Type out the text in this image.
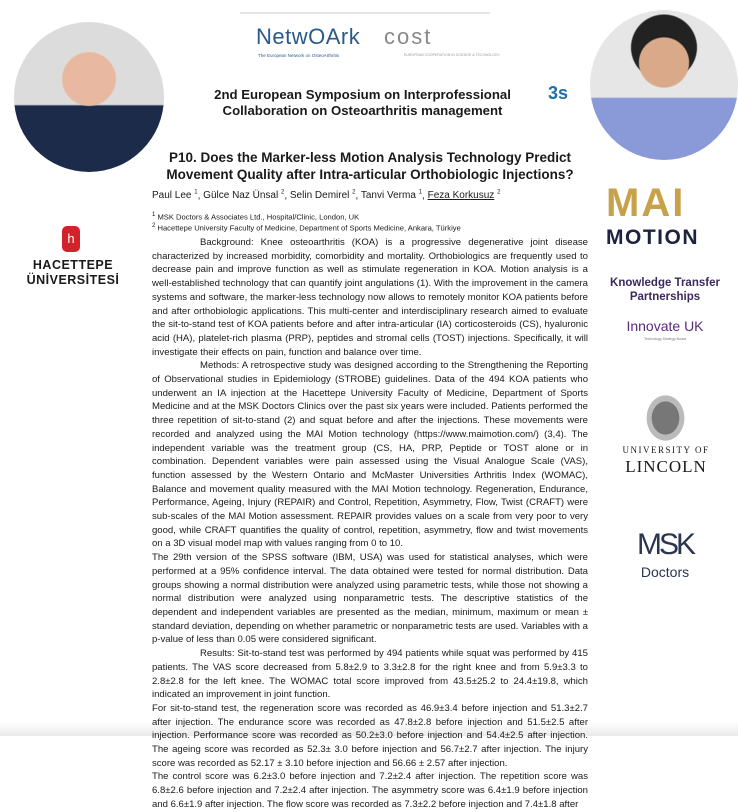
NetwOArk
The European Network on OsteoArthritis
cost
EUROPEAN COOPERATION IN SCIENCE & TECHNOLOGY
2nd European Symposium on Interprofessional
Collaboration on Osteoarthritis management
3s
P10. Does the Marker-less Motion Analysis Technology Predict
Movement Quality after Intra-articular Orthobiologic Injections?
Paul Lee $^1$, Gülce Naz Ünsal $^2$, Selin Demirel $^2$, Tanvi Verma $^1$, Feza Korkusuz $^2$
$^1$ MSK Doctors & Associates Ltd., Hospital/Clinic, London, UK
$^2$ Hacettepe University Faculty of Medicine, Department of Sports Medicine, Ankara, Türkiye

Background: Knee osteoarthritis (KOA) is a progressive degenerative joint disease characterized by increased morbidity, comorbidity and mortality. Orthobiologics are frequently used to decrease pain and improve function as well as stimulate regeneration in KOA. Motion analysis is a well-established technology that can quantify joint angulations (1). With the improvement in the camera systems and software, the marker-less technology now allows to remotely monitor KOA patients before and after orthobiologic applications. This multi-center and interdisciplinary research aimed to evaluate the sit-to-stand test of KOA patients before and after intra-articular (IA) corticosteroids (CS), hyaluronic acid (HA), platelet-rich plasma (PRP), peptides and stromal cells (TOST) injections. Specifically, it will investigate their effects on pain, function and balance over time.

Methods: A retrospective study was designed according to the Strengthening the Reporting of Observational studies in Epidemiology (STROBE) guidelines. Data of the 494 KOA patients who underwent an IA injection at the Hacettepe University Faculty of Medicine, Department of Sports Medicine and at the MSK Doctors Clinics over the past six years were included. Patients performed the three repetition of sit-to-stand (2) and squat before and after the injections. These movements were recorded and analyzed using the MAI Motion technology (https://www.maimotion.com/) (3,4). The independent variable was the treatment group (CS, HA, PRP, Peptide or TOST alone or in combination. Dependent variables were pain assessed using the Visual Analogue Scale (VAS), function assessed by the Western Ontario and McMaster Universities Arthritis Index (WOMAC), Balance and movement quality measured with the MAI Motion technology. Regeneration, Endurance, Performance, Ageing, Injury (REPAIR) and Control, Repetition, Asymmetry, Flow, Twist (CRAFT) were sub-scales of the MAI Motion assessment. REPAIR provides values on a scale from very poor to very good, while CRAFT quantifies the quality of control, repetition, asymmetry, flow and twist movements on a 3D visual model map with values ranging from 0 to 10.

The 29th version of the SPSS software (IBM, USA) was used for statistical analyses, which were performed at a 95% confidence interval. The data obtained were tested for normal distribution. Data groups showing a normal distribution were analyzed using parametric tests, while those not showing a normal distribution were analyzed using nonparametric tests. The descriptive statistics of the dependent and independent variables are presented as the median, minimum, maximum or mean ± standard deviation, depending on whether parametric or nonparametric tests are used. Variables with a p-value of less than 0.05 were considered significant.

Results: Sit-to-stand test was performed by 494 patients while squat was performed by 415 patients. The VAS score decreased from 5.8±2.9 to 3.3±2.8 for the right knee and from 5.9±3.3 to 2.8±2.8 for the left knee. The WOMAC total score improved from 43.5±25.2 to 24.4±19.8, which indicated an improvement in joint function.

For sit-to-stand test, the regeneration score was recorded as 46.9±3.4 before injection and 51.3±2.7 after injection. The endurance score was recorded as 47.8±2.8 before injection and 51.5±2.5 after injection. Performance score was recorded as 50.2±3.0 before injection and 54.4±2.5 after injection. The ageing score was recorded as 52.3± 3.0 before injection and 56.7±2.7 after injection. The injury score was recorded as 52.17 ± 3.10 before injection and 56.66 ± 2.57 after injection.

The control score was 6.2±3.0 before injection and 7.2±2.4 after injection. The repetition score was 6.8±2.6 before injection and 7.2±2.4 after injection. The asymmetry score was 6.4±1.9 before injection and 6.6±1.9 after injection. The flow score was recorded as 7.3±2.2 before injection and 7.4±1.8 after

h
HACETTEPE
ÜNİVERSİTESİ
MAI
MOTION
Knowledge Transfer
Partnerships
Innovate UK
Technology Strategy Board
UNIVERSITY OF
LINCOLN
MSK
Doctors
